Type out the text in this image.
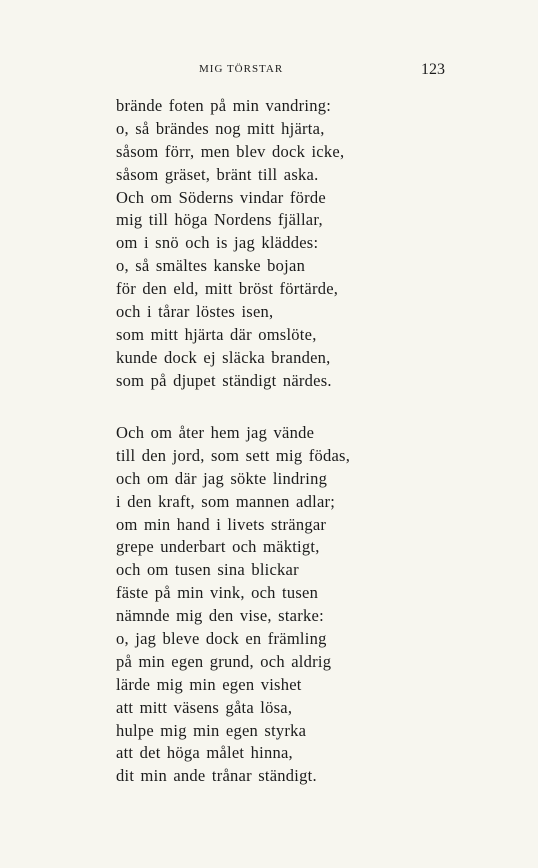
MIG TÖRSTAR	123
brände foten på min vandring:
o, så brändes nog mitt hjärta,
såsom förr, men blev dock icke,
såsom gräset, bränt till aska.
Och om Söderns vindar förde
mig till höga Nordens fjällar,
om i snö och is jag kläddes:
o, så smältes kanske bojan
för den eld, mitt bröst förtärde,
och i tårar löstes isen,
som mitt hjärta där omslöte,
kunde dock ej släcka branden,
som på djupet ständigt närdes.
Och om åter hem jag vände
till den jord, som sett mig födas,
och om där jag sökte lindring
i den kraft, som mannen adlar;
om min hand i livets strängar
grepe underbart och mäktigt,
och om tusen sina blickar
fäste på min vink, och tusen
nämnde mig den vise, starke:
o, jag bleve dock en främling
på min egen grund, och aldrig
lärde mig min egen vishet
att mitt väsens gåta lösa,
hulpe mig min egen styrka
att det höga målet hinna,
dit min ande trånar ständigt.
